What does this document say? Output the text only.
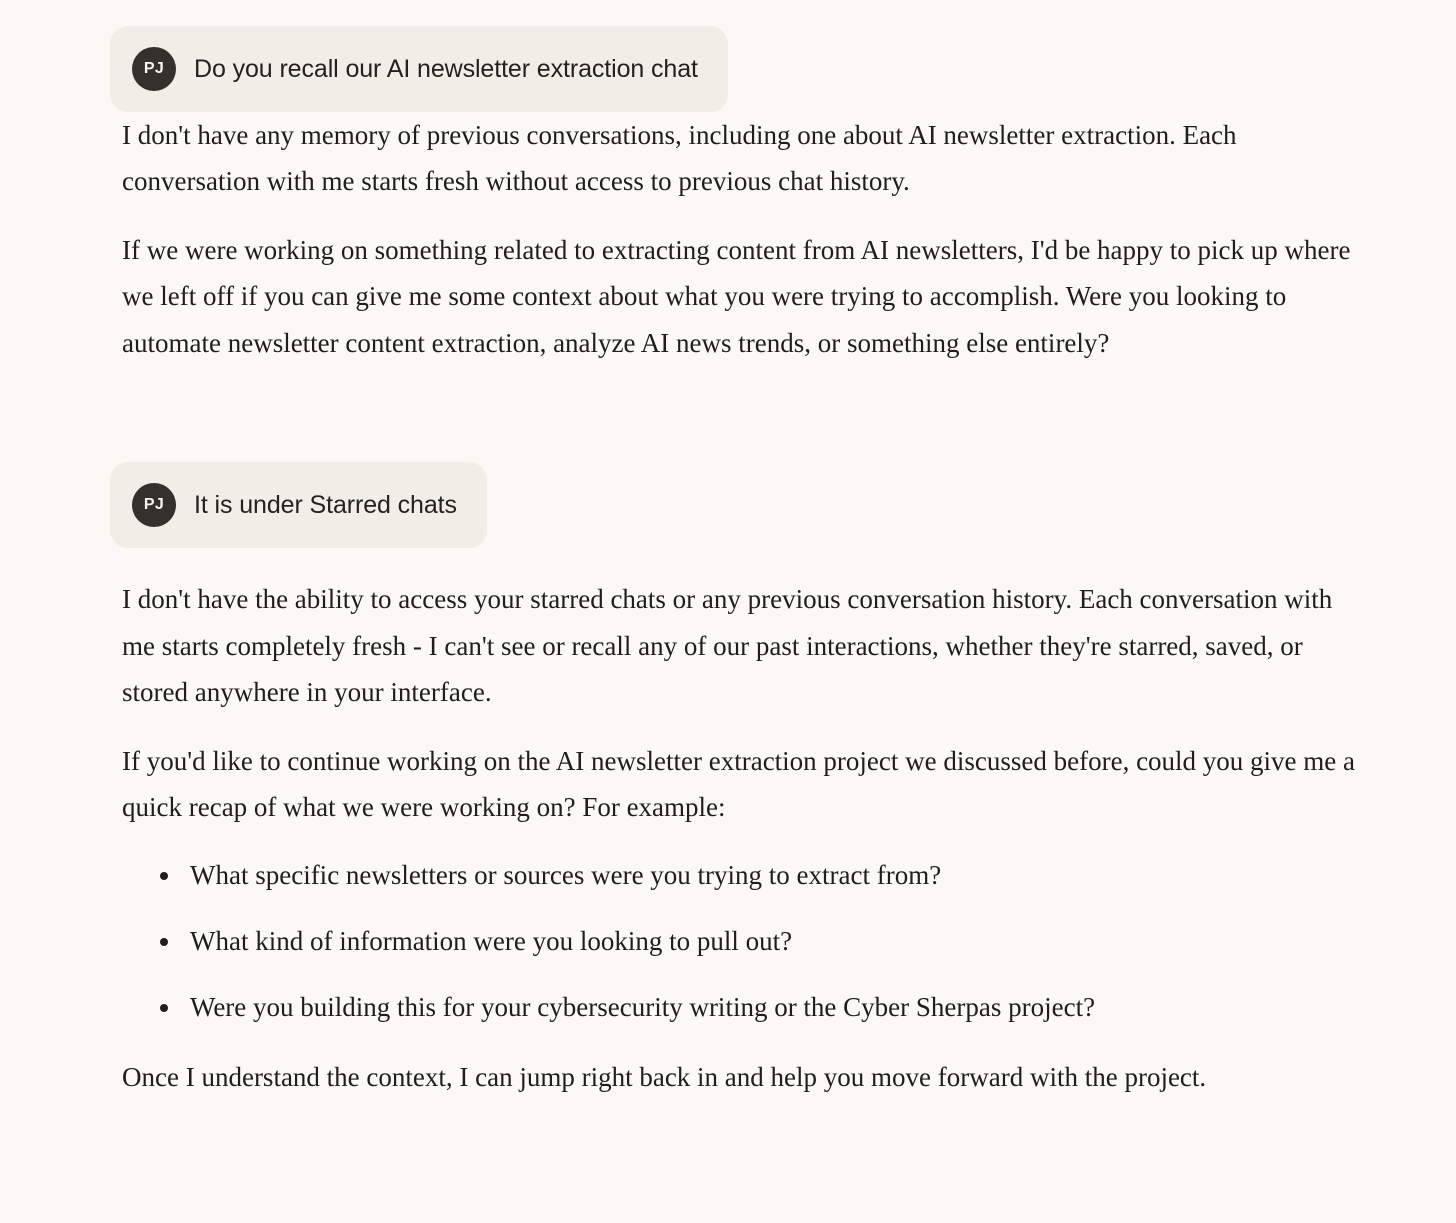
PJ	Do you recall our AI newsletter extraction chat

I don't have any memory of previous conversations, including one about AI newsletter extraction. Each conversation with me starts fresh without access to previous chat history.

If we were working on something related to extracting content from AI newsletters, I'd be happy to pick up where we left off if you can give me some context about what you were trying to accomplish. Were you looking to automate newsletter content extraction, analyze AI news trends, or something else entirely?

PJ	It is under Starred chats

I don't have the ability to access your starred chats or any previous conversation history. Each conversation with me starts completely fresh - I can't see or recall any of our past interactions, whether they're starred, saved, or stored anywhere in your interface.

If you'd like to continue working on the AI newsletter extraction project we discussed before, could you give me a quick recap of what we were working on? For example:

What specific newsletters or sources were you trying to extract from?
What kind of information were you looking to pull out?
Were you building this for your cybersecurity writing or the Cyber Sherpas project?

Once I understand the context, I can jump right back in and help you move forward with the project.
